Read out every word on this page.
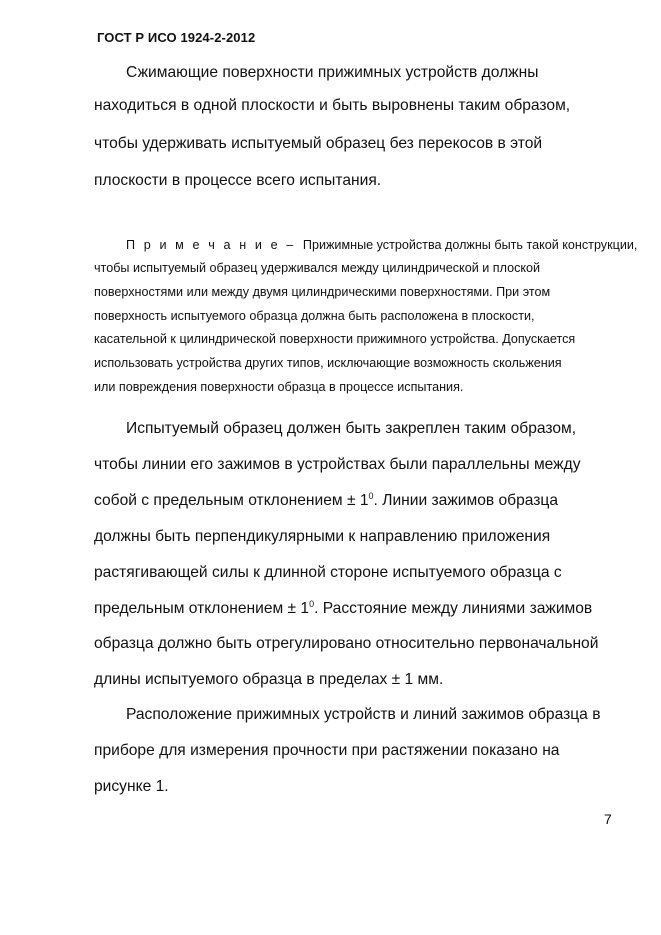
ГОСТ Р ИСО 1924-2-2012
Сжимающие поверхности прижимных устройств должны
находиться в одной плоскости и быть выровнены таким образом,
чтобы удерживать испытуемый образец без перекосов в этой
плоскости в процессе всего испытания.
П р и м е ч а н и е – Прижимные устройства должны быть такой конструкции,
чтобы испытуемый образец удерживался между цилиндрической и плоской
поверхностями или между двумя цилиндрическими поверхностями. При этом
поверхность испытуемого образца должна быть расположена в плоскости,
касательной к цилиндрической поверхности прижимного устройства. Допускается
использовать устройства других типов, исключающие возможность скольжения
или повреждения поверхности образца в процессе испытания.
Испытуемый образец должен быть закреплен таким образом,
чтобы линии его зажимов в устройствах были параллельны между
собой с предельным отклонением ± $1^0$. Линии зажимов образца
должны быть перпендикулярными к направлению приложения
растягивающей силы к длинной стороне испытуемого образца с
предельным отклонением ± $1^0$. Расстояние между линиями зажимов
образца должно быть отрегулировано относительно первоначальной
длины испытуемого образца в пределах ± 1 мм.
Расположение прижимных устройств и линий зажимов образца в
приборе для измерения прочности при растяжении показано на
рисунке 1.
7
